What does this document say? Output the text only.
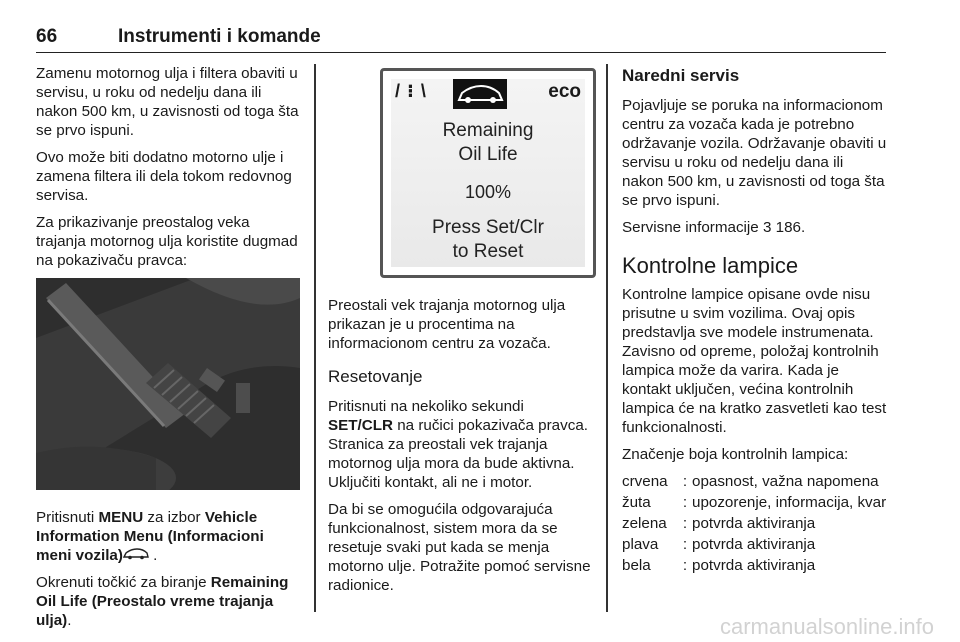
66	Instrumenti i komande

Zamenu motornog ulja i filtera obaviti u servisu, u roku od nedelju dana ili nakon 500 km, u zavisnosti od toga šta se prvo ispuni.

Ovo može biti dodatno motorno ulje i zamena filtera ili dela tokom redovnog servisa.

Za prikazivanje preostalog veka trajanja motornog ulja koristite dugmad na pokazivaču pravca:

Pritisnuti MENU za izbor Vehicle Information Menu (Informacioni meni vozila) .

Okrenuti točkić za biranje Remaining Oil Life (Preostalo vreme trajanja ulja).

/ ⁝ \	eco
Remaining
Oil Life
100%
Press Set/Clr
to Reset

Preostali vek trajanja motornog ulja prikazan je u procentima na informacionom centru za vozača.

Resetovanje

Pritisnuti na nekoliko sekundi SET/CLR na ručici pokazivača pravca. Stranica za preostali vek trajanja motornog ulja mora da bude aktivna. Uključiti kontakt, ali ne i motor.

Da bi se omogućila odgovarajuća funkcionalnost, sistem mora da se resetuje svaki put kada se menja motorno ulje. Potražite pomoć servisne radionice.

Naredni servis

Pojavljuje se poruka na informacionom centru za vozača kada je potrebno održavanje vozila. Održavanje obaviti u servisu u roku od nedelju dana ili nakon 500 km, u zavisnosti od toga šta se prvo ispuni.

Servisne informacije 3 186.

Kontrolne lampice

Kontrolne lampice opisane ovde nisu prisutne u svim vozilima. Ovaj opis predstavlja sve modele instrumenata. Zavisno od opreme, položaj kontrolnih lampica može da varira. Kada je kontakt uključen, većina kontrolnih lampica će na kratko zasvetleti kao test funkcionalnosti.

Značenje boja kontrolnih lampica:

crvena	:	opasnost, važna napomena
žuta	:	upozorenje, informacija, kvar
zelena	:	potvrda aktiviranja
plava	:	potvrda aktiviranja
bela	:	potvrda aktiviranja
carmanualsonline.info
